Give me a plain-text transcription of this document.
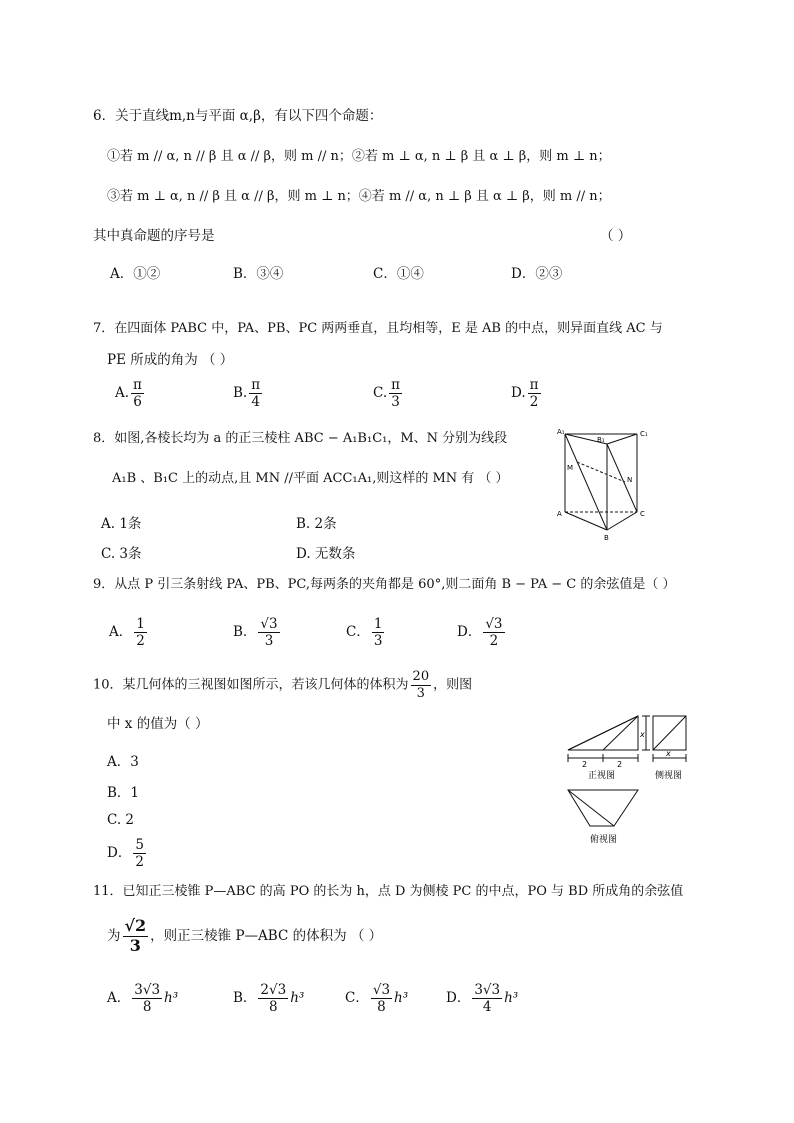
6．关于直线m,n与平面 α,β，有以下四个命题：
①若 m // α, n // β 且 α // β，则 m // n；②若 m ⊥ α, n ⊥ β 且 α ⊥ β，则 m ⊥ n；
③若 m ⊥ α, n // β 且 α // β，则 m ⊥ n；④若 m // α, n ⊥ β 且 α ⊥ β，则 m // n；
其中真命题的序号是	（ ）
A．①②	B．③④	C．①④	D．②③
7．在四面体 PABC 中，PA、PB、PC 两两垂直，且均相等，E 是 AB 的中点，则异面直线 AC 与
PE 所成的角为 （ ）
A. $\frac{\pi}{6}$	B. $\frac{\pi}{4}$	C. $\frac{\pi}{3}$	D. $\frac{\pi}{2}$
8．如图,各棱长均为 a 的正三棱柱 ABC − A₁B₁C₁，M、N 分别为线段
A₁B 、B₁C 上的动点,且 MN //平面 ACC₁A₁,则这样的 MN 有 （ ）
A. 1条	B. 2条
C. 3条	D. 无数条
A₁
B₁
C₁
M
N
A
B
C
9．从点 P 引三条射线 PA、PB、PC,每两条的夹角都是 60°,则二面角 B − PA − C 的余弦值是（ ）
A． $\frac{1}{2}$	B． $\frac{√3}{3}$	C． $\frac{1}{3}$	D． $\frac{√3}{2}$
10．某几何体的三视图如图所示，若该几何体的体积为 $\frac{20}{3}$ ，则图
中 x 的值为（ ）
A．3
B．1
C. 2
D． $\frac{5}{2}$
2	2
x
x
正视图	侧视图
俯视图
11．已知正三棱锥 P—ABC 的高 PO 的长为 h，点 D 为侧棱 PC 的中点，PO 与 BD 所成角的余弦值
为 $\frac{√2}{3}$ ，则正三棱锥 P—ABC 的体积为 （ ）
A． $\frac{3√3}{8} h^3$	B． $\frac{2√3}{8} h^3$	C． $\frac{√3}{8} h^3$	D． $\frac{3√3}{4} h^3$
